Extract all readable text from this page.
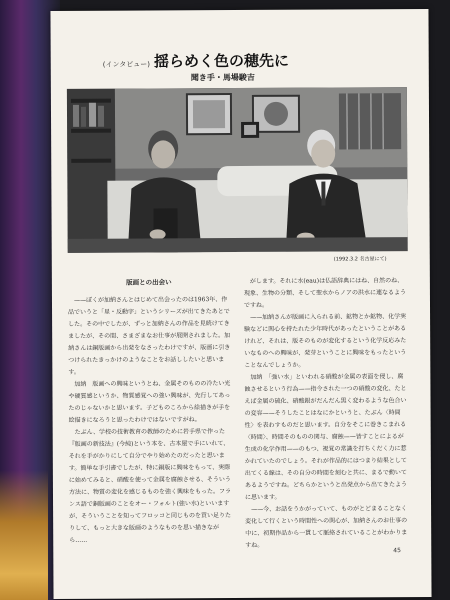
(インタビュー) 揺らめく色の穂先に
聞き手・馬場駿吉
(1992.3.2 名古屋にて)
版画との出会い

——ぼくが加納さんとはじめて出会ったのは1963年、作品でいうと「星・反動字」というシリーズが出てきたあとでした。その中でしたが、ずっと加納さんの作品を見続けてきましたが、その間、さまざまなお仕事が展開されました。加納さんは銅版画から出発をなさったわけですが、版画に引きつけられたきっかけのようなことをお話ししたいと思います。

加納　版画への興味というとね、金属そのものの冷たい光や硬質感というか、物質感覚への強い興味が、先行してあったのじゃないかと思います。子どものころから絵描きが手を絵描きになろうと思ったわけではないですがね。

たぶん、学校の技術教育の教師のために岩手県で作った『版画の新技法』(今純)という本を、古本屋で手にいれて、それを手がかりにして自分でやり始めたのだったと思います。簡単な手引書でしたが、特に銅版に興味をもって、実際に始めてみると、硝酸を使って金属を腐蝕させる、そういう方法に、物質の変化を感じるものを強く興味をもった。フランス語で銅版画のことをオー・フォルト(強い水)といいますが、そういうことを知ってフロッコと同じものを買い足りたりして、もっと大きな版画のようなものを思い描きながら……

がします。それに水(eau)は仏語辞典にはね、自然のね、現象、生物の分類、そして聖水からノアの洪水に連なるようですね。

——加納さんが版画に入られる前、鉱物とか鉱物、化学実験などに関心を持たれた少年時代があったということがあるけれど、それは、版そのものが変化するという化学反応みたいなものへの興味が、発芽ということに興味をもったということなんでしょうか。

加納　「強い水」といわれる硝酸が金属の表面を侵し、腐蝕させるという行為——指令された一つの硝酸の変化、たとえば金属の硫化、硝酸銀がだんだん黒く変わるような色合いの変容——そうしたことはなにかというと、たぶん〈時間性〉を表わすものだと思います。自分をそこに巻きこまれる〈時間〉、時間そのものの関与、腐蝕——皆すことによるが生成の化学作用——のもつ、視覚の常識を打ちくだく力に惹かれていたのでしょう。それが作品的にはつまり結果として出てくる線は、その自分の時間を刻むと共に、まるで動いてあるようですね。どちらかというと出発点から出てきたように思います。

——今、お話をうかがっていて、ものがとどまることなく変化して行くという時間性への関心が、加納さんのお仕事の中に、初期作品から一貫して脈絡されていることがわかりますね。

45
